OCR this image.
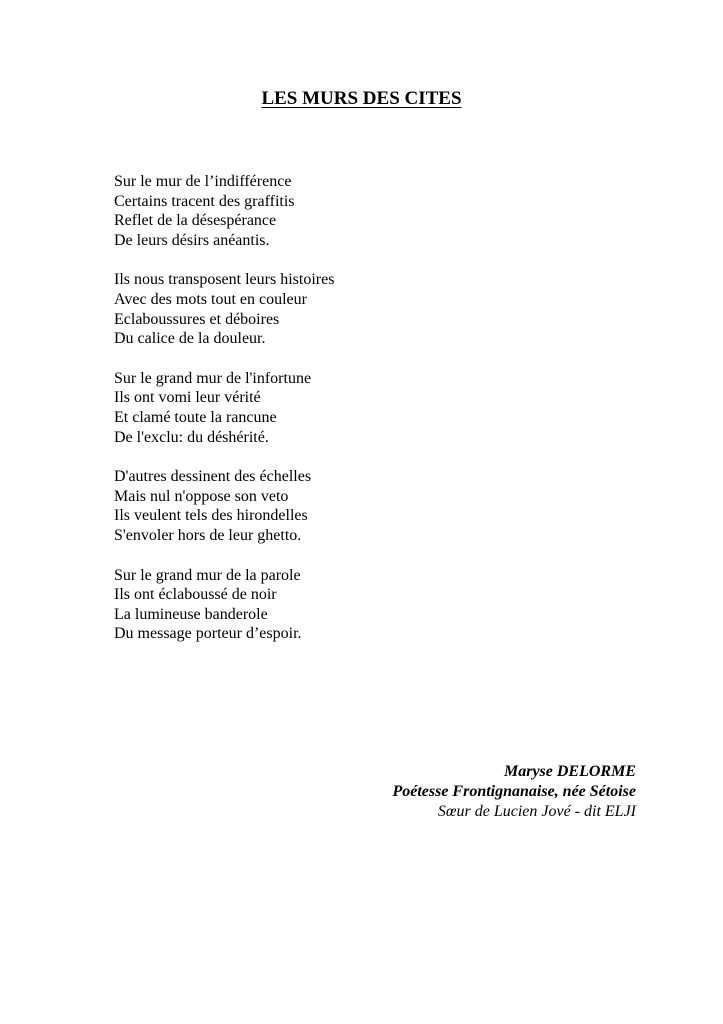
LES MURS DES CITES
Sur le mur de l’indifférence
Certains tracent des graffitis
Reflet de la désespérance
De leurs désirs anéantis.
Ils nous transposent leurs histoires
Avec des mots tout en couleur
Eclaboussures et déboires
Du calice de la douleur.
Sur le grand mur de l'infortune
Ils ont vomi leur vérité
Et clamé toute la rancune
De l'exclu: du déshérité.
D'autres dessinent des échelles
Mais nul n'oppose son veto
Ils veulent tels des hirondelles
S'envoler hors de leur ghetto.
Sur le grand mur de la parole
Ils ont éclaboussé de noir
La lumineuse banderole
Du message porteur d’espoir.
Maryse DELORME
Poétesse Frontignanaise, née Sétoise
Sœur de Lucien Jové - dit ELJI
